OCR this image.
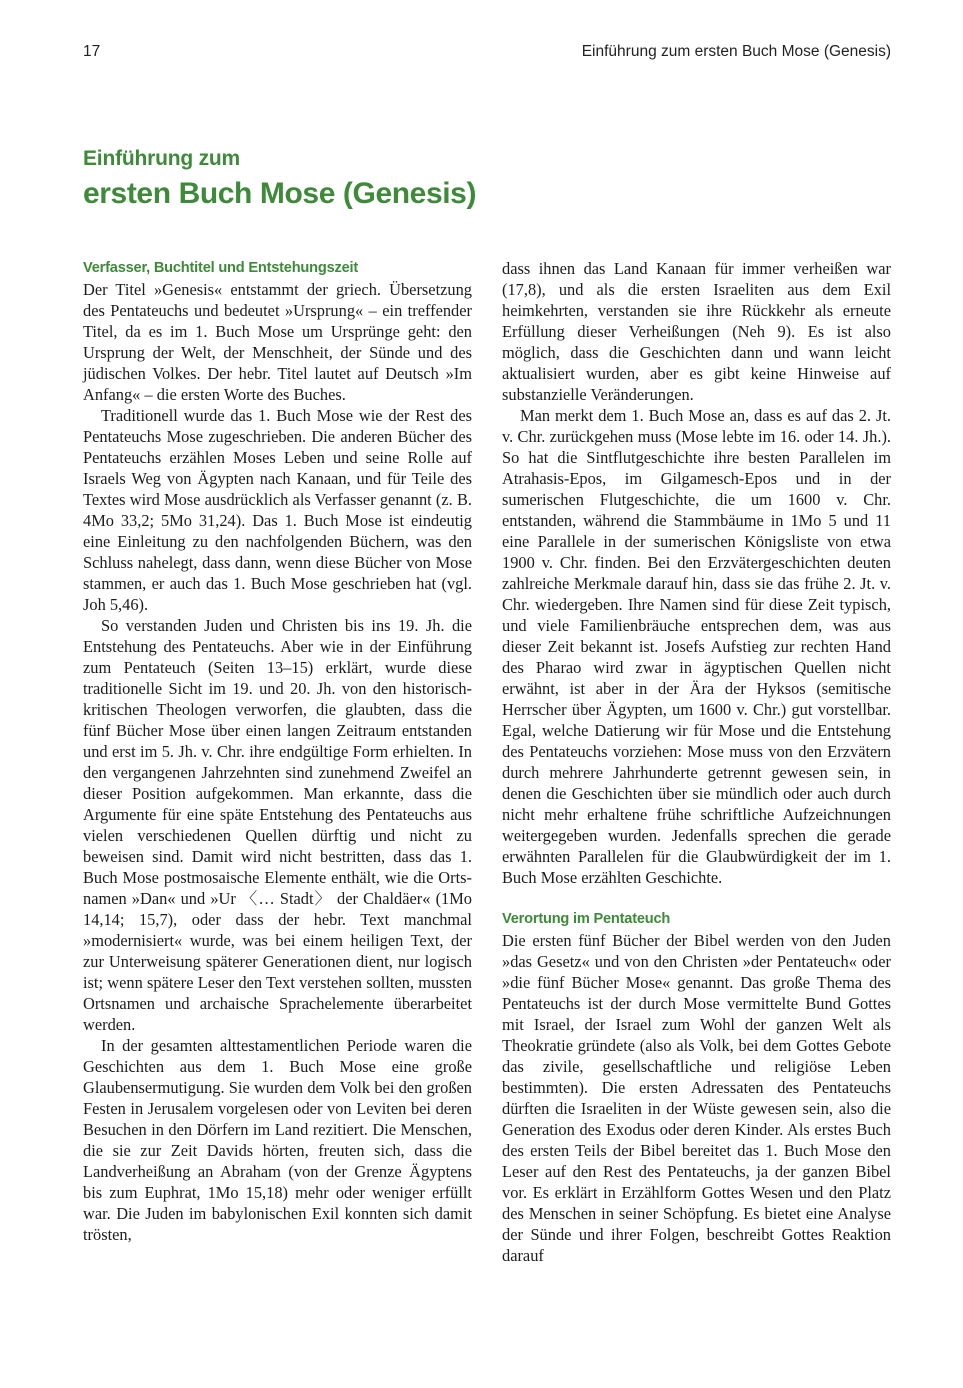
17	Einführung zum ersten Buch Mose (Genesis)
Einführung zum
ersten Buch Mose (Genesis)
Verfasser, Buchtitel und Entstehungszeit

Der Titel »Genesis« entstammt der griech. Übersetzung des Pentateuchs und bedeutet »Ursprung« – ein treffender Titel, da es im 1. Buch Mose um Ursprünge geht: den Ursprung der Welt, der Menschheit, der Sünde und des jüdischen Volkes. Der hebr. Titel lautet auf Deutsch »Im Anfang« – die ersten Worte des Buches.

Traditionell wurde das 1. Buch Mose wie der Rest des Pentateuchs Mose zugeschrieben. Die anderen Bücher des Pentateuchs erzählen Moses Leben und seine Rolle auf Israels Weg von Ägypten nach Kanaan, und für Teile des Textes wird Mose ausdrücklich als Verfasser genannt (z. B. 4Mo 33,2; 5Mo 31,24). Das 1. Buch Mose ist eindeutig eine Einleitung zu den nachfolgenden Büchern, was den Schluss nahelegt, dass dann, wenn diese Bücher von Mose stammen, er auch das 1. Buch Mose geschrieben hat (vgl. Joh 5,46).

So verstanden Juden und Christen bis ins 19. Jh. die Entstehung des Pentateuchs. Aber wie in der Einführung zum Pentateuch (Seiten 13–15) erklärt, wurde diese traditionelle Sicht im 19. und 20. Jh. von den historisch-kritischen Theologen verworfen, die glaubten, dass die fünf Bücher Mose über einen langen Zeitraum entstanden und erst im 5. Jh. v. Chr. ihre endgültige Form erhielten. In den vergangenen Jahrzehnten sind zunehmend Zweifel an dieser Position aufgekommen. Man erkannte, dass die Argumente für eine späte Entstehung des Pentateuchs aus vielen verschiedenen Quellen dürftig und nicht zu beweisen sind. Damit wird nicht bestritten, dass das 1. Buch Mose postmosaische Elemente enthält, wie die Ortsnamen »Dan« und »Ur 〈… Stadt〉 der Chaldäer« (1Mo 14,14; 15,7), oder dass der hebr. Text manchmal »modernisiert« wurde, was bei einem heiligen Text, der zur Unterweisung späterer Generationen dient, nur logisch ist; wenn spätere Leser den Text verstehen sollten, mussten Ortsnamen und archaische Sprachelemente überarbeitet werden.

In der gesamten alttestamentlichen Periode waren die Geschichten aus dem 1. Buch Mose eine große Glaubensermutigung. Sie wurden dem Volk bei den großen Festen in Jerusalem vorgelesen oder von Leviten bei deren Besuchen in den Dörfern im Land rezitiert. Die Menschen, die sie zur Zeit Davids hörten, freuten sich, dass die Landverheißung an Abraham (von der Grenze Ägyptens bis zum Euphrat, 1Mo 15,18) mehr oder weniger erfüllt war. Die Juden im babylonischen Exil konnten sich damit trösten,

dass ihnen das Land Kanaan für immer verheißen war (17,8), und als die ersten Israeliten aus dem Exil heimkehrten, verstanden sie ihre Rückkehr als erneute Erfüllung dieser Verheißungen (Neh 9). Es ist also möglich, dass die Geschichten dann und wann leicht aktualisiert wurden, aber es gibt keine Hinweise auf substanzielle Veränderungen.

Man merkt dem 1. Buch Mose an, dass es auf das 2. Jt. v. Chr. zurückgehen muss (Mose lebte im 16. oder 14. Jh.). So hat die Sintflutgeschichte ihre besten Parallelen im Atrahasis-Epos, im Gilgamesch-Epos und in der sumerischen Flutgeschichte, die um 1600 v. Chr. entstanden, während die Stammbäume in 1Mo 5 und 11 eine Parallele in der sumerischen Königsliste von etwa 1900 v. Chr. finden. Bei den Erzvätergeschichten deuten zahlreiche Merkmale darauf hin, dass sie das frühe 2. Jt. v. Chr. wiedergeben. Ihre Namen sind für diese Zeit typisch, und viele Familienbräuche entsprechen dem, was aus dieser Zeit bekannt ist. Josefs Aufstieg zur rechten Hand des Pharao wird zwar in ägyptischen Quellen nicht erwähnt, ist aber in der Ära der Hyksos (semitische Herrscher über Ägypten, um 1600 v. Chr.) gut vorstellbar. Egal, welche Datierung wir für Mose und die Entstehung des Pentateuchs vorziehen: Mose muss von den Erzvätern durch mehrere Jahrhunderte getrennt gewesen sein, in denen die Geschichten über sie mündlich oder auch durch nicht mehr erhaltene frühe schriftliche Aufzeichnungen weitergegeben wurden. Jedenfalls sprechen die gerade erwähnten Parallelen für die Glaubwürdigkeit der im 1. Buch Mose erzählten Geschichte.

Verortung im Pentateuch

Die ersten fünf Bücher der Bibel werden von den Juden »das Gesetz« und von den Christen »der Pentateuch« oder »die fünf Bücher Mose« genannt. Das große Thema des Pentateuchs ist der durch Mose vermittelte Bund Gottes mit Israel, der Israel zum Wohl der ganzen Welt als Theokratie gründete (also als Volk, bei dem Gottes Gebote das zivile, gesellschaftliche und religiöse Leben bestimmten). Die ersten Adressaten des Pentateuchs dürften die Israeliten in der Wüste gewesen sein, also die Generation des Exodus oder deren Kinder. Als erstes Buch des ersten Teils der Bibel bereitet das 1. Buch Mose den Leser auf den Rest des Pentateuchs, ja der ganzen Bibel vor. Es erklärt in Erzählform Gottes Wesen und den Platz des Menschen in seiner Schöpfung. Es bietet eine Analyse der Sünde und ihrer Folgen, beschreibt Gottes Reaktion darauf
